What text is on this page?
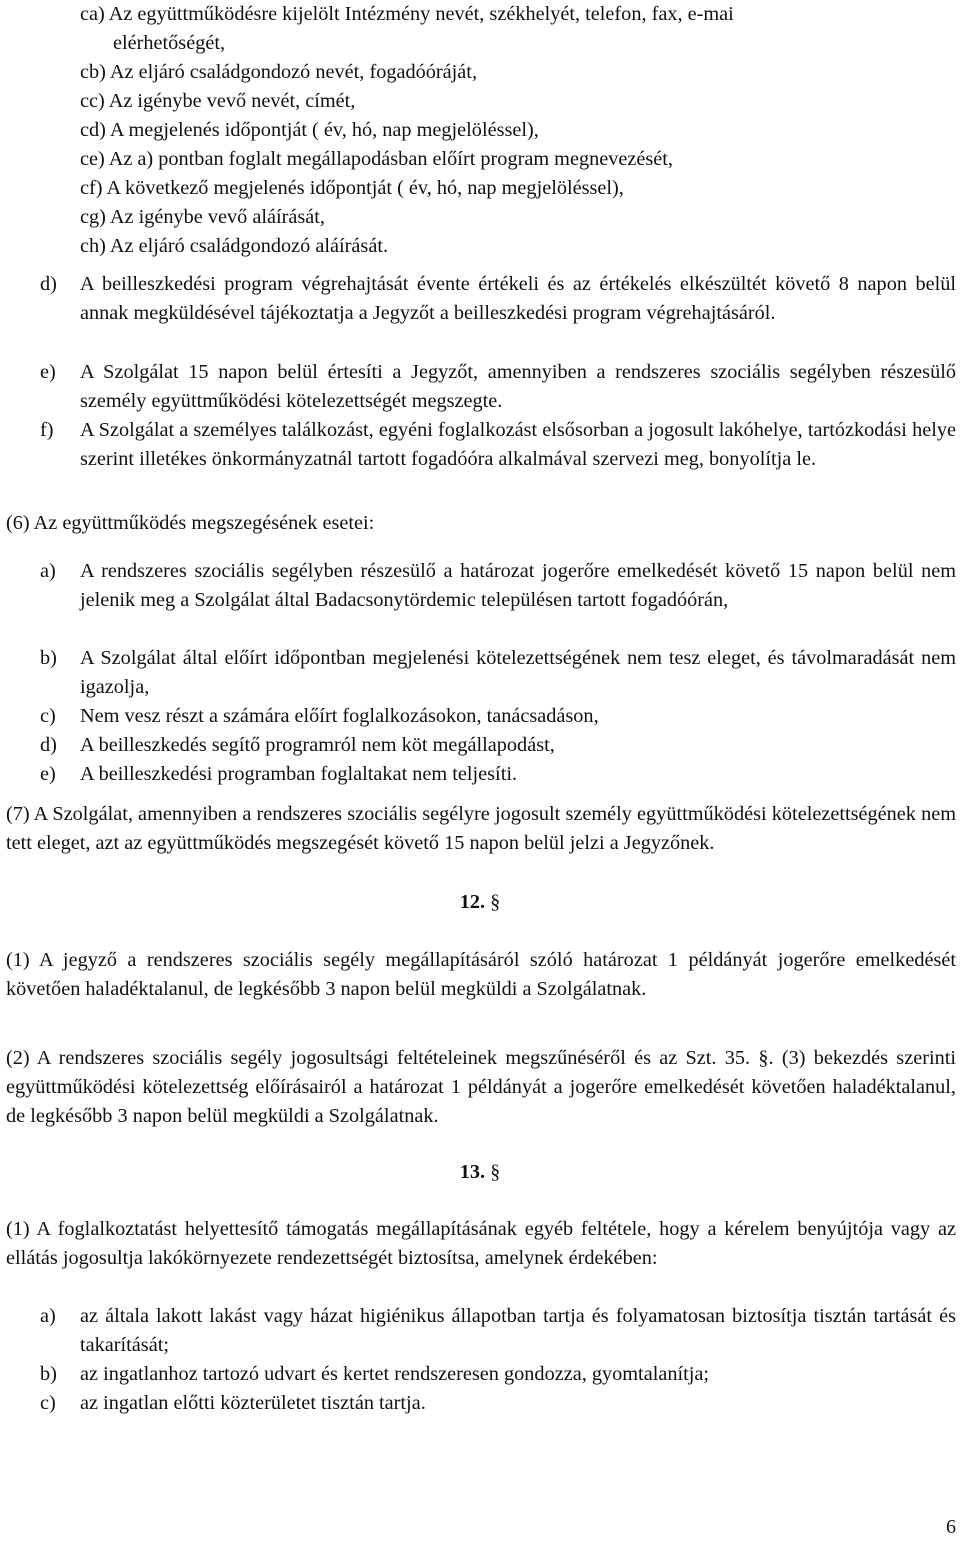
ca) Az együttműködésre kijelölt Intézmény nevét, székhelyét, telefon, fax, e-mai
elérhetőségét,
cb) Az eljáró családgondozó nevét, fogadóóráját,
cc) Az igénybe vevő nevét, címét,
cd) A megjelenés időpontját ( év, hó, nap megjelöléssel),
ce) Az a) pontban foglalt megállapodásban előírt program megnevezését,
cf) A következő megjelenés időpontját ( év, hó, nap megjelöléssel),
cg) Az igénybe vevő aláírását,
ch) Az eljáró családgondozó aláírását.
d) A beilleszkedési program végrehajtását évente értékeli és az értékelés elkészültét követő 8 napon belül annak megküldésével tájékoztatja a Jegyzőt a beilleszkedési program végrehajtásáról.
e) A Szolgálat 15 napon belül értesíti a Jegyzőt, amennyiben a rendszeres szociális segélyben részesülő személy együttműködési kötelezettségét megszegte.
f) A Szolgálat a személyes találkozást, egyéni foglalkozást elsősorban a jogosult lakóhelye, tartózkodási helye szerint illetékes önkormányzatnál tartott fogadóóra alkalmával szervezi meg, bonyolítja le.
(6) Az együttműködés megszegésének esetei:
a) A rendszeres szociális segélyben részesülő a határozat jogerőre emelkedését követő 15 napon belül nem jelenik meg a Szolgálat által Badacsonytördemic településen tartott fogadóórán,
b) A Szolgálat által előírt időpontban megjelenési kötelezettségének nem tesz eleget, és távolmaradását nem igazolja,
c) Nem vesz részt a számára előírt foglalkozásokon, tanácsadáson,
d) A beilleszkedés segítő programról nem köt megállapodást,
e) A beilleszkedési programban foglaltakat nem teljesíti.
(7) A Szolgálat, amennyiben a rendszeres szociális segélyre jogosult személy együttműködési kötelezettségének nem tett eleget, azt az együttműködés megszegését követő 15 napon belül jelzi a Jegyzőnek.
12. §
(1) A jegyző a rendszeres szociális segély megállapításáról szóló határozat 1 példányát jogerőre emelkedését követően haladéktalanul, de legkésőbb 3 napon belül megküldi a Szolgálatnak.
(2) A rendszeres szociális segély jogosultsági feltételeinek megszűnéséről és az Szt. 35. §. (3) bekezdés szerinti együttműködési kötelezettség előírásairól a határozat 1 példányát a jogerőre emelkedését követően haladéktalanul, de legkésőbb 3 napon belül megküldi a Szolgálatnak.
13. §
(1) A foglalkoztatást helyettesítő támogatás megállapításának egyéb feltétele, hogy a kérelem benyújtója vagy az ellátás jogosultja lakókörnyezete rendezettségét biztosítsa, amelynek érdekében:
a) az általa lakott lakást vagy házat higiénikus állapotban tartja és folyamatosan biztosítja tisztán tartását és takarítását;
b) az ingatlanhoz tartozó udvart és kertet rendszeresen gondozza, gyomtalanítja;
c) az ingatlan előtti közterületet tisztán tartja.
6
